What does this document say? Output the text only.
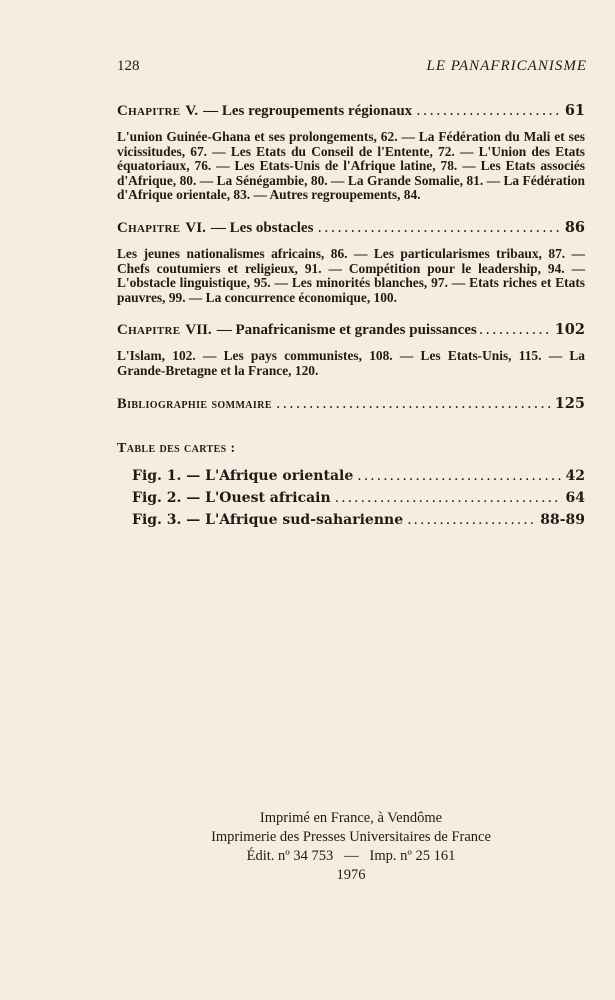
128	LE PANAFRICANISME
Chapitre V. — Les regroupements régionaux .....	61

L'union Guinée-Ghana et ses prolongements, 62. — La Fédération du Mali et ses vicissitudes, 67. — Les Etats du Conseil de l'Entente, 72. — L'Union des Etats équatoriaux, 76. — Les Etats-Unis de l'Afrique latine, 78. — Les Etats associés d'Afrique, 80. — La Sénégambie, 80. — La Grande Somalie, 81. — La Fédération d'Afrique orientale, 83. — Autres regroupements, 84.

Chapitre VI. — Les obstacles .....	86

Les jeunes nationalismes africains, 86. — Les particularismes tribaux, 87. — Chefs coutumiers et religieux, 91. — Compétition pour le leadership, 94. — L'obstacle linguistique, 95. — Les minorités blanches, 97. — Etats riches et Etats pauvres, 99. — La concurrence économique, 100.

Chapitre VII. — Panafricanisme et grandes puissances .....	102

L'Islam, 102. — Les pays communistes, 108. — Les Etats-Unis, 115. — La Grande-Bretagne et la France, 120.

Bibliographie sommaire .....	125
Table des cartes :
Fig. 1. — L'Afrique orientale .....	42
Fig. 2. — L'Ouest africain .....	64
Fig. 3. — L'Afrique sud-saharienne .....	88-89
Imprimé en France, à Vendôme
Imprimerie des Presses Universitaires de France
Édit. nº 34 753   —   Imp. nº 25 161
1976
